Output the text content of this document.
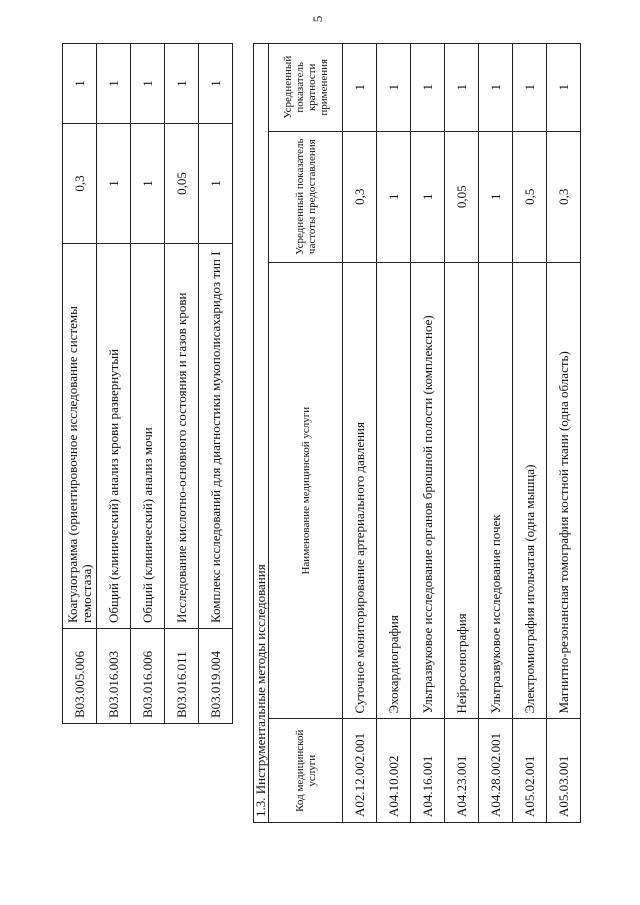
5
B03.005.006	Коагулограмма (ориентировочное исследование системы гемостаза)	0,3	1
B03.016.003	Общий (клинический) анализ крови развернутый	1	1
B03.016.006	Общий (клинический) анализ мочи	1	1
B03.016.011	Исследование кислотно-основного состояния и газов крови	0,05	1
B03.019.004	Комплекс исследований для диагностики мукополисахаридоз тип I	1	1
1.3. Инструментальные методы исследования			
Код медицинской услуги	Наименование медицинской услуги	Усредненный показатель частоты предоставления	Усредненный показатель кратности применения
A02.12.002.001	Суточное мониторирование артериального давления	0,3	1
A04.10.002	Эхокардиография	1	1
A04.16.001	Ультразвуковое исследование органов брюшной полости (комплексное)	1	1
A04.23.001	Нейросонография	0,05	1
A04.28.002.001	Ультразвуковое исследование почек	1	1
A05.02.001	Электромиография игольчатая (одна мышца)	0,5	1
A05.03.001	Магнитно-резонансная томография костной ткани (одна область)	0,3	1
